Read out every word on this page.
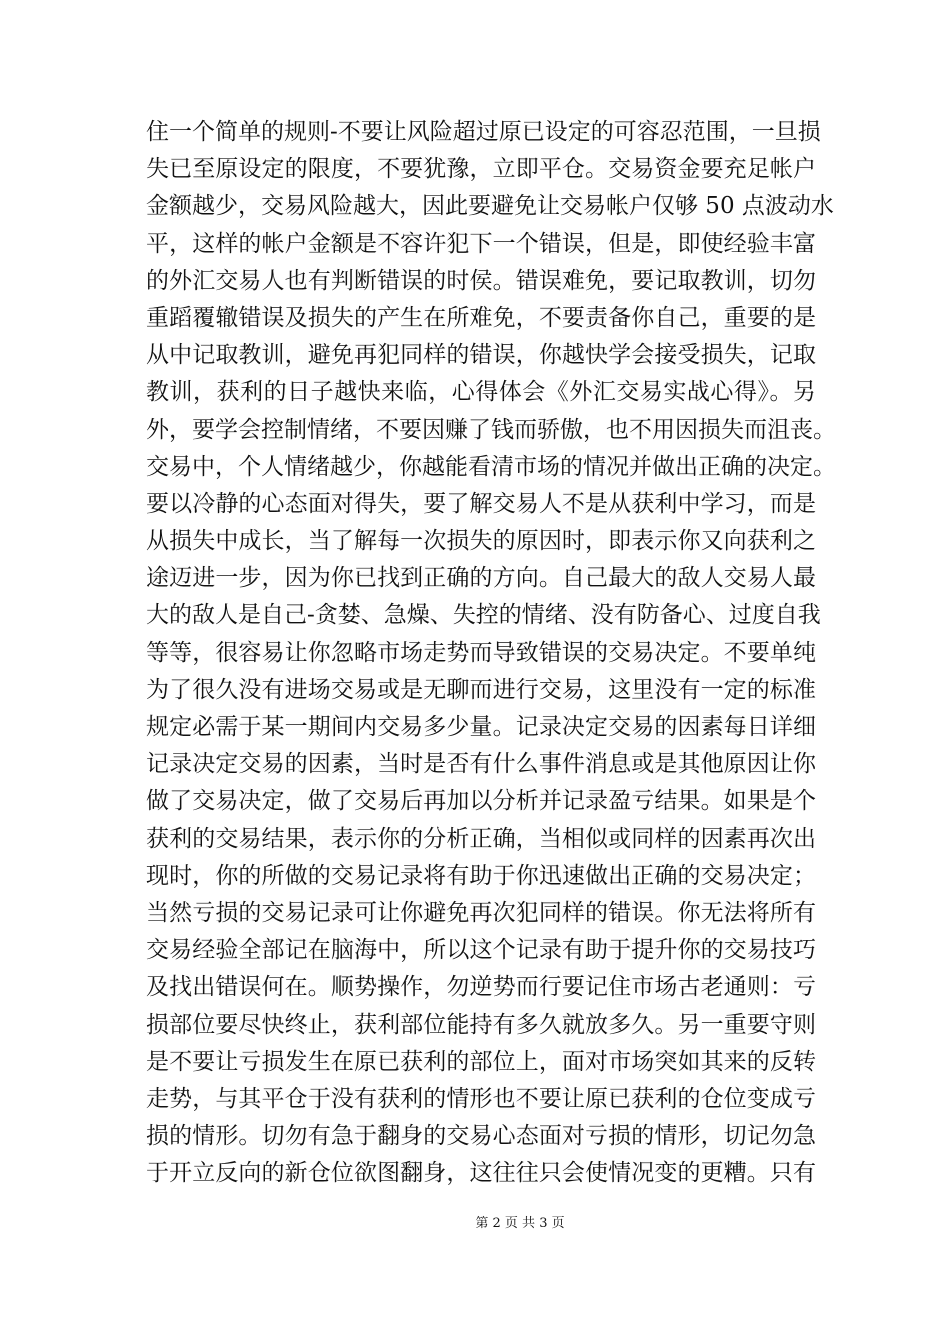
住一个简单的规则-不要让风险超过原已设定的可容忍范围，一旦损
失已至原设定的限度，不要犹豫，立即平仓。交易资金要充足帐户
金额越少，交易风险越大，因此要避免让交易帐户仅够 50 点波动水
平，这样的帐户金额是不容许犯下一个错误，但是，即使经验丰富
的外汇交易人也有判断错误的时侯。错误难免，要记取教训，切勿
重蹈覆辙错误及损失的产生在所难免，不要责备你自己，重要的是
从中记取教训，避免再犯同样的错误，你越快学会接受损失，记取
教训，获利的日子越快来临，心得体会《外汇交易实战心得》。另
外，要学会控制情绪，不要因赚了钱而骄傲，也不用因损失而沮丧。
交易中，个人情绪越少，你越能看清市场的情况并做出正确的决定。
要以冷静的心态面对得失，要了解交易人不是从获利中学习，而是
从损失中成长，当了解每一次损失的原因时，即表示你又向获利之
途迈进一步，因为你已找到正确的方向。自己最大的敌人交易人最
大的敌人是自己-贪婪、急燥、失控的情绪、没有防备心、过度自我
等等，很容易让你忽略市场走势而导致错误的交易决定。不要单纯
为了很久没有进场交易或是无聊而进行交易，这里没有一定的标准
规定必需于某一期间内交易多少量。记录决定交易的因素每日详细
记录决定交易的因素，当时是否有什么事件消息或是其他原因让你
做了交易决定，做了交易后再加以分析并记录盈亏结果。如果是个
获利的交易结果，表示你的分析正确，当相似或同样的因素再次出
现时，你的所做的交易记录将有助于你迅速做出正确的交易决定；
当然亏损的交易记录可让你避免再次犯同样的错误。你无法将所有
交易经验全部记在脑海中，所以这个记录有助于提升你的交易技巧
及找出错误何在。顺势操作，勿逆势而行要记住市场古老通则：亏
损部位要尽快终止，获利部位能持有多久就放多久。另一重要守则
是不要让亏损发生在原已获利的部位上，面对市场突如其来的反转
走势，与其平仓于没有获利的情形也不要让原已获利的仓位变成亏
损的情形。切勿有急于翻身的交易心态面对亏损的情形，切记勿急
于开立反向的新仓位欲图翻身，这往往只会使情况变的更糟。只有
第 2 页 共 3 页
